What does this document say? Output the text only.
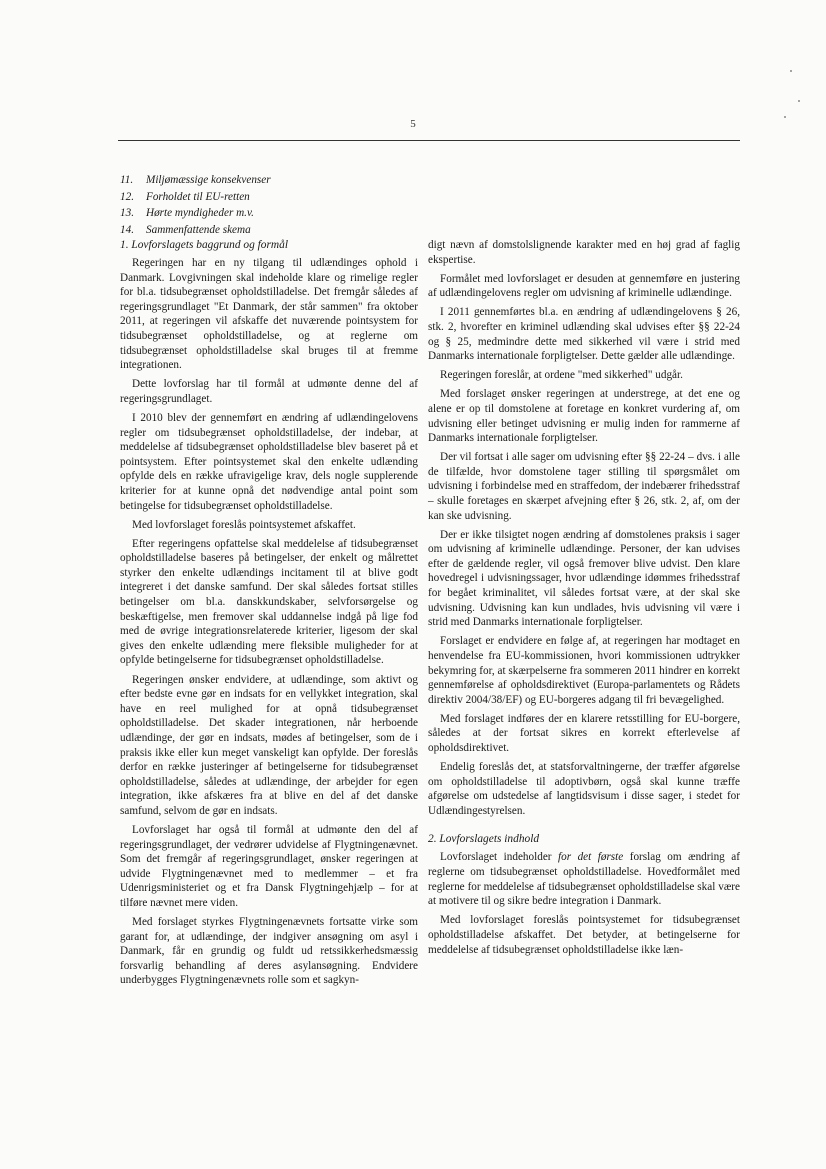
5
11.	Miljømæssige konsekvenser
12.	Forholdet til EU-retten
13.	Hørte myndigheder m.v.
14.	Sammenfattende skema
1. Lovforslagets baggrund og formål

Regeringen har en ny tilgang til udlændinges ophold i Danmark. Lovgivningen skal indeholde klare og rimelige regler for bl.a. tidsubegrænset opholdstilladelse. Det fremgår således af regeringsgrundlaget "Et Danmark, der står sammen" fra oktober 2011, at regeringen vil afskaffe det nuværende pointsystem for tidsubegrænset opholdstilladelse, og at reglerne om tidsubegrænset opholdstilladelse skal bruges til at fremme integrationen.

Dette lovforslag har til formål at udmønte denne del af regeringsgrundlaget.

I 2010 blev der gennemført en ændring af udlændingelovens regler om tidsubegrænset opholdstilladelse, der indebar, at meddelelse af tidsubegrænset opholdstilladelse blev baseret på et pointsystem. Efter pointsystemet skal den enkelte udlænding opfylde dels en række ufravigelige krav, dels nogle supplerende kriterier for at kunne opnå det nødvendige antal point som betingelse for tidsubegrænset opholdstilladelse.

Med lovforslaget foreslås pointsystemet afskaffet.

Efter regeringens opfattelse skal meddelelse af tidsubegrænset opholdstilladelse baseres på betingelser, der enkelt og målrettet styrker den enkelte udlændings incitament til at blive godt integreret i det danske samfund. Der skal således fortsat stilles betingelser om bl.a. danskkundskaber, selvforsørgelse og beskæftigelse, men fremover skal uddannelse indgå på lige fod med de øvrige integrationsrelaterede kriterier, ligesom der skal gives den enkelte udlænding mere fleksible muligheder for at opfylde betingelserne for tidsubegrænset opholdstilladelse.

Regeringen ønsker endvidere, at udlændinge, som aktivt og efter bedste evne gør en indsats for en vellykket integration, skal have en reel mulighed for at opnå tidsubegrænset opholdstilladelse. Det skader integrationen, når herboende udlændinge, der gør en indsats, mødes af betingelser, som de i praksis ikke eller kun meget vanskeligt kan opfylde. Der foreslås derfor en række justeringer af betingelserne for tidsubegrænset opholdstilladelse, således at udlændinge, der arbejder for egen integration, ikke afskæres fra at blive en del af det danske samfund, selvom de gør en indsats.

Lovforslaget har også til formål at udmønte den del af regeringsgrundlaget, der vedrører udvidelse af Flygtningenævnet. Som det fremgår af regeringsgrundlaget, ønsker regeringen at udvide Flygtningenævnet med to medlemmer – et fra Udenrigsministeriet og et fra Dansk Flygtningehjælp – for at tilføre nævnet mere viden.

Med forslaget styrkes Flygtningenævnets fortsatte virke som garant for, at udlændinge, der indgiver ansøgning om asyl i Danmark, får en grundig og fuldt ud retssikkerhedsmæssig forsvarlig behandling af deres asylansøgning. Endvidere underbygges Flygtningenævnets rolle som et sagkyn-

digt nævn af domstolslignende karakter med en høj grad af faglig ekspertise.

Formålet med lovforslaget er desuden at gennemføre en justering af udlændingelovens regler om udvisning af kriminelle udlændinge.

I 2011 gennemførtes bl.a. en ændring af udlændingelovens § 26, stk. 2, hvorefter en kriminel udlænding skal udvises efter §§ 22-24 og § 25, medmindre dette med sikkerhed vil være i strid med Danmarks internationale forpligtelser. Dette gælder alle udlændinge.

Regeringen foreslår, at ordene "med sikkerhed" udgår.

Med forslaget ønsker regeringen at understrege, at det ene og alene er op til domstolene at foretage en konkret vurdering af, om udvisning eller betinget udvisning er mulig inden for rammerne af Danmarks internationale forpligtelser.

Der vil fortsat i alle sager om udvisning efter §§ 22-24 – dvs. i alle de tilfælde, hvor domstolene tager stilling til spørgsmålet om udvisning i forbindelse med en straffedom, der indebærer frihedsstraf – skulle foretages en skærpet afvejning efter § 26, stk. 2, af, om der kan ske udvisning.

Der er ikke tilsigtet nogen ændring af domstolenes praksis i sager om udvisning af kriminelle udlændinge. Personer, der kan udvises efter de gældende regler, vil også fremover blive udvist. Den klare hovedregel i udvisningssager, hvor udlændinge idømmes frihedsstraf for begået kriminalitet, vil således fortsat være, at der skal ske udvisning. Udvisning kan kun undlades, hvis udvisning vil være i strid med Danmarks internationale forpligtelser.

Forslaget er endvidere en følge af, at regeringen har modtaget en henvendelse fra EU-kommissionen, hvori kommissionen udtrykker bekymring for, at skærpelserne fra sommeren 2011 hindrer en korrekt gennemførelse af opholdsdirektivet (Europa-parlamentets og Rådets direktiv 2004/38/EF) og EU-borgeres adgang til fri bevægelighed.

Med forslaget indføres der en klarere retsstilling for EU-borgere, således at der fortsat sikres en korrekt efterlevelse af opholdsdirektivet.

Endelig foreslås det, at statsforvaltningerne, der træffer afgørelse om opholdstilladelse til adoptivbørn, også skal kunne træffe afgørelse om udstedelse af langtidsvisum i disse sager, i stedet for Udlændingestyrelsen.

2. Lovforslagets indhold

Lovforslaget indeholder for det første forslag om ændring af reglerne om tidsubegrænset opholdstilladelse. Hovedformålet med reglerne for meddelelse af tidsubegrænset opholdstilladelse skal være at motivere til og sikre bedre integration i Danmark.

Med lovforslaget foreslås pointsystemet for tidsubegrænset opholdstilladelse afskaffet. Det betyder, at betingelserne for meddelelse af tidsubegrænset opholdstilladelse ikke læn-
